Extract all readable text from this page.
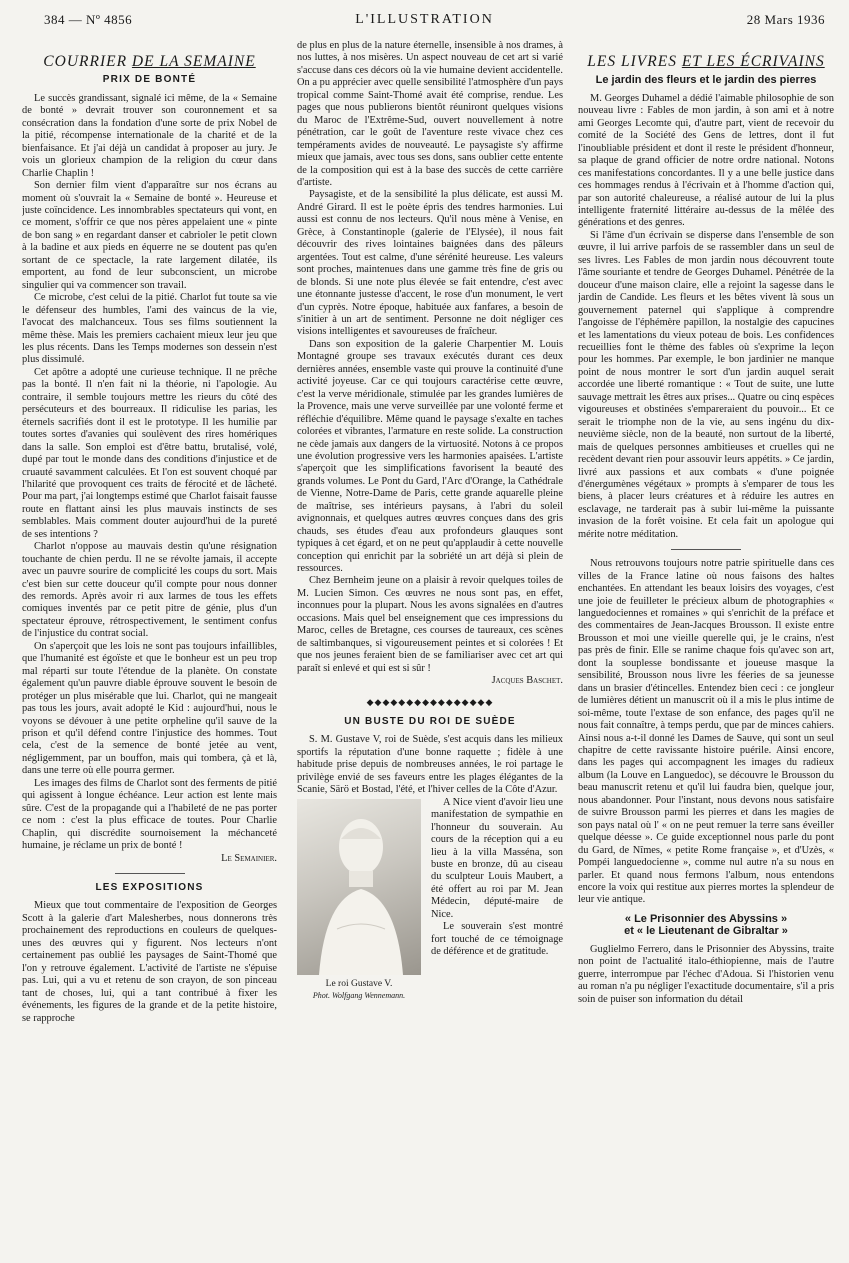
384 — Nº 4856	L'ILLUSTRATION	28 Mars 1936
COURRIER DE LA SEMAINE
PRIX DE BONTÉ

Le succès grandissant, signalé ici même, de la « Semaine de bonté » devrait trouver son couronnement et sa consécration dans la fondation d'une sorte de prix Nobel de la pitié, récompense internationale de la charité et de la bienfaisance. Et j'ai déjà un candidat à proposer au jury. Je vois un glorieux champion de la religion du cœur dans Charlie Chaplin !

Son dernier film vient d'apparaître sur nos écrans au moment où s'ouvrait la « Semaine de bonté ». Heureuse et juste coïncidence. Les innombrables spectateurs qui vont, en ce moment, s'offrir ce que nos pères appelaient une « pinte de bon sang » en regardant danser et cabrioler le petit clown à la badine et aux pieds en équerre ne se doutent pas qu'en sortant de ce spectacle, la rate largement dilatée, ils emportent, au fond de leur subconscient, un microbe singulier qui va commencer son travail.

Ce microbe, c'est celui de la pitié. Charlot fut toute sa vie le défenseur des humbles, l'ami des vaincus de la vie, l'avocat des malchanceux. Tous ses films soutiennent la même thèse. Mais les premiers cachaient mieux leur jeu que les plus récents. Dans les Temps modernes son dessein n'est plus dissimulé.

Cet apôtre a adopté une curieuse technique. Il ne prêche pas la bonté. Il n'en fait ni la théorie, ni l'apologie. Au contraire, il semble toujours mettre les rieurs du côté des persécuteurs et des bourreaux. Il ridiculise les parias, les éternels sacrifiés dont il est le prototype. Il les humilie par toutes sortes d'avanies qui soulèvent des rires homériques dans la salle. Son emploi est d'être battu, brutalisé, volé, dupé par tout le monde dans des conditions d'injustice et de cruauté savamment calculées. Et l'on est souvent choqué par l'hilarité que provoquent ces traits de férocité et de lâcheté. Pour ma part, j'ai longtemps estimé que Charlot faisait fausse route en flattant ainsi les plus mauvais instincts de ses semblables. Mais comment douter aujourd'hui de la pureté de ses intentions ?

Charlot n'oppose au mauvais destin qu'une résignation touchante de chien perdu. Il ne se révolte jamais, il accepte avec un pauvre sourire de complicité les coups du sort. Mais c'est bien sur cette douceur qu'il compte pour nous donner des remords. Après avoir ri aux larmes de tous les effets comiques inventés par ce petit pitre de génie, plus d'un spectateur éprouve, rétrospectivement, le sentiment confus de l'injustice du contrat social.

On s'aperçoit que les lois ne sont pas toujours infaillibles, que l'humanité est égoïste et que le bonheur est un peu trop mal réparti sur toute l'étendue de la planète. On constate également qu'un pauvre diable éprouve souvent le besoin de protéger un plus misérable que lui. Charlot, qui ne mangeait pas tous les jours, avait adopté le Kid : aujourd'hui, nous le voyons se dévouer à une petite orpheline qu'il sauve de la prison et qu'il défend contre l'injustice des hommes. Tout cela, c'est de la semence de bonté jetée au vent, négligemment, par un bouffon, mais qui tombera, çà et là, dans une terre où elle pourra germer.

Les images des films de Charlot sont des ferments de pitié qui agissent à longue échéance. Leur action est lente mais sûre. C'est de la propagande qui a l'habileté de ne pas porter ce nom : c'est la plus efficace de toutes. Pour Charlie Chaplin, qui discrédite sournoisement la méchanceté humaine, je réclame un prix de bonté !

Le Semainier.

LES EXPOSITIONS

Mieux que tout commentaire de l'exposition de Georges Scott à la galerie d'art Malesherbes, nous donnerons très prochainement des reproductions en couleurs de quelques-unes des œuvres qui y figurent. Nos lecteurs n'ont certainement pas oublié les paysages de Saint-Thomé que l'on y retrouve également. L'activité de l'artiste ne s'épuise pas. Lui, qui a vu et retenu de son crayon, de son pinceau tant de choses, lui, qui a tant contribué à fixer les événements, les figures de la grande et de la petite histoire, se rapproche

de plus en plus de la nature éternelle, insensible à nos drames, à nos luttes, à nos misères. Un aspect nouveau de cet art si varié s'accuse dans ces décors où la vie humaine devient accidentelle. On a pu apprécier avec quelle sensibilité l'atmosphère d'un pays tropical comme Saint-Thomé avait été comprise, rendue. Les pages que nous publierons bientôt réuniront quelques visions du Maroc de l'Extrême-Sud, ouvert nouvellement à notre pénétration, car le goût de l'aventure reste vivace chez ces tempéraments avides de nouveauté. Le paysagiste s'y affirme mieux que jamais, avec tous ses dons, sans oublier cette entente de la composition qui est à la base des succès de cette carrière d'artiste.

Paysagiste, et de la sensibilité la plus délicate, est aussi M. André Girard. Il est le poète épris des tendres harmonies. Lui aussi est connu de nos lecteurs. Qu'il nous mène à Venise, en Grèce, à Constantinople (galerie de l'Elysée), il nous fait découvrir des rives lointaines baignées dans des pâleurs argentées. Tout est calme, d'une sérénité heureuse. Les valeurs sont proches, maintenues dans une gamme très fine de gris ou de blonds. Si une note plus élevée se fait entendre, c'est avec une étonnante justesse d'accent, le rose d'un monument, le vert d'un cyprès. Notre époque, habituée aux fanfares, a besoin de s'initier à un art de sentiment. Personne ne doit négliger ces visions intelligentes et savoureuses de fraîcheur.

Dans son exposition de la galerie Charpentier M. Louis Montagné groupe ses travaux exécutés durant ces deux dernières années, ensemble vaste qui prouve la continuité d'une activité joyeuse. Car ce qui toujours caractérise cette œuvre, c'est la verve méridionale, stimulée par les grandes lumières de la Provence, mais une verve surveillée par une volonté ferme et réfléchie d'équilibre. Même quand le paysage s'exalte en taches colorées et vibrantes, l'armature en reste solide. La construction ne cède jamais aux dangers de la virtuosité. Notons à ce propos une évolution progressive vers les harmonies apaisées. L'artiste s'aperçoit que les simplifications favorisent la beauté des grands volumes. Le Pont du Gard, l'Arc d'Orange, la Cathédrale de Vienne, Notre-Dame de Paris, cette grande aquarelle pleine de maîtrise, ses intérieurs paysans, à l'abri du soleil avignonnais, et quelques autres œuvres conçues dans des gris chauds, ses études d'eau aux profondeurs glauques sont typiques à cet égard, et on ne peut qu'applaudir à cette nouvelle conception qui enrichit par la sobriété un art déjà si plein de ressources.

Chez Bernheim jeune on a plaisir à revoir quelques toiles de M. Lucien Simon. Ces œuvres ne nous sont pas, en effet, inconnues pour la plupart. Nous les avons signalées en d'autres occasions. Mais quel bel enseignement que ces impressions du Maroc, celles de Bretagne, ces courses de taureaux, ces scènes de saltimbanques, si vigoureusement peintes et si colorées ! Et que nos jeunes feraient bien de se familiariser avec cet art qui paraît si enlevé et qui est si sûr !

Jacques Baschet.

◆◆◆◆◆◆◆◆◆◆◆◆◆◆◆◆
UN BUSTE DU ROI DE SUÈDE

S. M. Gustave V, roi de Suède, s'est acquis dans les milieux sportifs la réputation d'une bonne raquette ; fidèle à une habitude prise depuis de nombreuses années, le roi partage le privilège envié de ses faveurs entre les plages élégantes de la Scanie, Särö et Bostad, l'été, et l'hiver celles de la Côte d'Azur.

Le roi Gustave V.
Phot. Wolfgang Wennemann.

A Nice vient d'avoir lieu une manifestation de sympathie en l'honneur du souverain. Au cours de la réception qui a eu lieu à la villa Masséna, son buste en bronze, dû au ciseau du sculpteur Louis Maubert, a été offert au roi par M. Jean Médecin, député-maire de Nice.

Le souverain s'est montré fort touché de ce témoignage de déférence et de gratitude.

LES LIVRES ET LES ÉCRIVAINS
Le jardin des fleurs et le jardin des pierres

M. Georges Duhamel a dédié l'aimable philosophie de son nouveau livre : Fables de mon jardin, à son ami et à notre ami Georges Lecomte qui, d'autre part, vient de recevoir du comité de la Société des Gens de lettres, dont il fut l'inoubliable président et dont il reste le président d'honneur, sa plaque de grand officier de notre ordre national. Notons ces manifestations concordantes. Il y a une belle justice dans ces hommages rendus à l'écrivain et à l'homme d'action qui, par son autorité chaleureuse, a réalisé autour de lui la plus intelligente fraternité littéraire au-dessus de la mêlée des générations et des genres.

Si l'âme d'un écrivain se disperse dans l'ensemble de son œuvre, il lui arrive parfois de se rassembler dans un seul de ses livres. Les Fables de mon jardin nous découvrent toute l'âme souriante et tendre de Georges Duhamel. Pénétrée de la douceur d'une maison claire, elle a rejoint la sagesse dans le jardin de Candide. Les fleurs et les bêtes vivent là sous un gouvernement paternel qui s'applique à comprendre l'angoisse de l'éphémère papillon, la nostalgie des capucines et les lamentations du vieux poteau de bois. Les confidences recueillies font le thème des fables où s'exprime la leçon pour les hommes. Par exemple, le bon jardinier ne manque point de nous montrer le sort d'un jardin auquel serait accordée une liberté romantique : « Tout de suite, une lutte sauvage mettrait les êtres aux prises... Quatre ou cinq espèces vigoureuses et obstinées s'empareraient du pouvoir... Et ce serait le triomphe non de la vie, au sens ingénu du dix-neuvième siècle, non de la beauté, non surtout de la liberté, mais de quelques personnes ambitieuses et cruelles qui ne recèdent devant rien pour assouvir leurs appétits. » Ce jardin, livré aux passions et aux combats « d'une poignée d'énergumènes végétaux » prompts à s'emparer de tous les biens, à placer leurs créatures et à réduire les autres en esclavage, ne tarderait pas à subir lui-même la puissante invasion de la forêt voisine. Et cela fait un apologue qui mérite notre méditation.

Nous retrouvons toujours notre patrie spirituelle dans ces villes de la France latine où nous faisons des haltes enchantées. En attendant les beaux loisirs des voyages, c'est une joie de feuilleter le précieux album de photographies « languedociennes et romaines » qui s'enrichit de la préface et des commentaires de Jean-Jacques Brousson. Il existe entre Brousson et moi une vieille querelle qui, je le crains, n'est pas près de finir. Elle se ranime chaque fois qu'avec son art, dont la souplesse bondissante et joueuse masque la sensibilité, Brousson nous livre les féeries de sa jeunesse dans un brasier d'étincelles. Entendez bien ceci : ce jongleur de lumières détient un manuscrit où il a mis le plus intime de soi-même, toute l'extase de son enfance, des pages qu'il ne nous fait connaître, à temps perdu, que par de minces cahiers. Ainsi nous a-t-il donné les Dames de Sauve, qui sont un seul chapitre de cette ravissante histoire puérile. Ainsi encore, dans les pages qui accompagnent les images du radieux album (la Louve en Languedoc), se découvre le Brousson du beau manuscrit retenu et qu'il lui faudra bien, quelque jour, nous abandonner. Pour l'instant, nous devons nous satisfaire de suivre Brousson parmi les pierres et dans les magies de son pays natal où l' « on ne peut remuer la terre sans éveiller quelque déesse ». Ce guide exceptionnel nous parle du pont du Gard, de Nîmes, « petite Rome française », et d'Uzès, « Pompéi languedocienne », comme nul autre n'a su nous en parler. Et quand nous fermons l'album, nous entendons encore la voix qui restitue aux pierres mortes la splendeur de leur vie antique.

« Le Prisonnier des Abyssins »
et « le Lieutenant de Gibraltar »

Guglielmo Ferrero, dans le Prisonnier des Abyssins, traite non point de l'actualité italo-éthiopienne, mais de l'autre guerre, interrompue par l'échec d'Adoua. Si l'historien venu au roman n'a pu négliger l'exactitude documentaire, s'il a pris soin de puiser son information du détail
